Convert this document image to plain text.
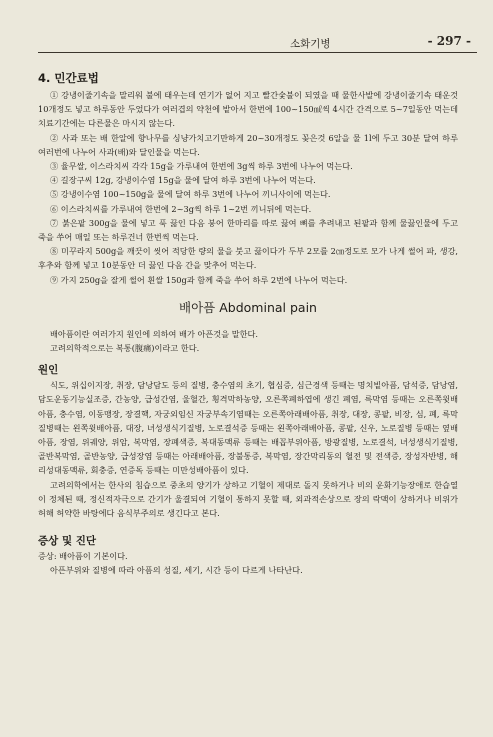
소화기병	- 297 -
4. 민간료법

① 강냉이줄기속을 말리워 불에 태우는데 연기가 없어 지고 빨간숯불이 되였을 때 물한사발에 강냉이줄기속 태운것 10개정도 넣고 하루동안 두었다가 여러겹의 약천에 밭아서 한번에 100~150㎖씩 4시간 간격으로 5~7일동안 먹는데 치료기간에는 다른물은 마시지 않는다.

② 사과 또는 배 한알에 향나무를 싱냥가치고기만하게 20~30개정도 꽂은것 6알을 물 1l에 두고 30분 달여 하루 여러번에 나누어 사과(배)와 달인물을 먹는다.

③ 율무쌀, 이스라치씨 각각 15g을 가루내여 한번에 3g씩 하루 3번에 나누어 먹는다.

④ 길장구씨 12g, 강냉이수염 15g을 물에 달여 하루 3번에 나누어 먹는다.

⑤ 강냉이수염 100~150g을 물에 달여 하루 3번에 나누어 끼니사이에 먹는다.

⑥ 이스라치씨를 가루내여 한번에 2~3g씩 하루 1~2번 끼니뒤에 먹는다.

⑦ 붉은팥 300g을 물에 넣고 푹 끓인 다음 붕어 한마리를 따로 끓여 뼈를 추려내고 된팥과 함께 물끓인물에 두고 죽을 쑤어 매일 또는 하루건너 한번씩 먹는다.

⑧ 미꾸라지 500g을 깨끗이 씻어 적당한 량의 물을 붓고 끓이다가 두부 2모를 2㎝정도로 모가 나게 썰어 파, 생강, 후추와 함께 넣고 10분동안 더 끓인 다음 간을 맞추어 먹는다.

⑨ 가지 250g을 잘게 썰어 흰쌀 150g과 함께 죽을 쑤어 하루 2번에 나누어 먹는다.

배아픔 Abdominal pain

배아픔이란 여러가지 원인에 의하여 배가 아픈것을 말한다.

고려의학적으로는 복통(腹痛)이라고 한다.

원인

식도, 위십이지장, 취장, 담낭담도 등의 질병, 충수염의 초기, 협심증, 심근경색 등때는 명치빝아픔, 담석증, 담낭염, 담도운동기능실조증, 간농양, 급성간염, 울혈간, 횡격막하농양, 오른쪽폐하엽에 생긴 폐염, 륵막염 등때는 오른쪽윗배아픔, 충수염, 이동맹장, 장결핵, 자궁외임신 자궁부속기염때는 오른쪽아래배아픔, 취장, 대장, 콩팥, 비장, 심, 폐, 륵막질병때는 왼쪽윗배아픔, 대장, 녀성생식기질병, 노로결석증 등때는 왼쪽아래배아픔, 콩팥, 신우, 노로질병 등때는 옆배아픔, 장염, 위궤양, 위암, 복막염, 장폐색증, 복대동맥류 등때는 배꼽부위아픔, 방광질병, 노로결석, 녀성생식기질병, 골반복막염, 골반농양, 급성장염 등때는 아래배아픔, 장불통증, 복막염, 장간막리동의 혈전 및 전색증, 장성자반병, 해리성대동맥류, 회충증, 연증독 등때는 미만성배아픔이 있다.

고려의학에서는 한사의 침습으로 중초의 양기가 상하고 기혈이 제대로 돌지 못하거나 비의 운화기능장애로 한습열이 정체된 때, 정신적자극으로 간기가 울결되여 기혈이 통하지 못할 때, 외과적손상으로 장의 락맥이 상하거나 비위가 허해 허약한 바탕에다 음식부주의로 생긴다고 본다.

증상 및 진단

증상: 배아픔이 기본이다.

아픈부위와 질병에 따라 아픔의 성질, 세기, 시간 등이 다르게 나타난다.
